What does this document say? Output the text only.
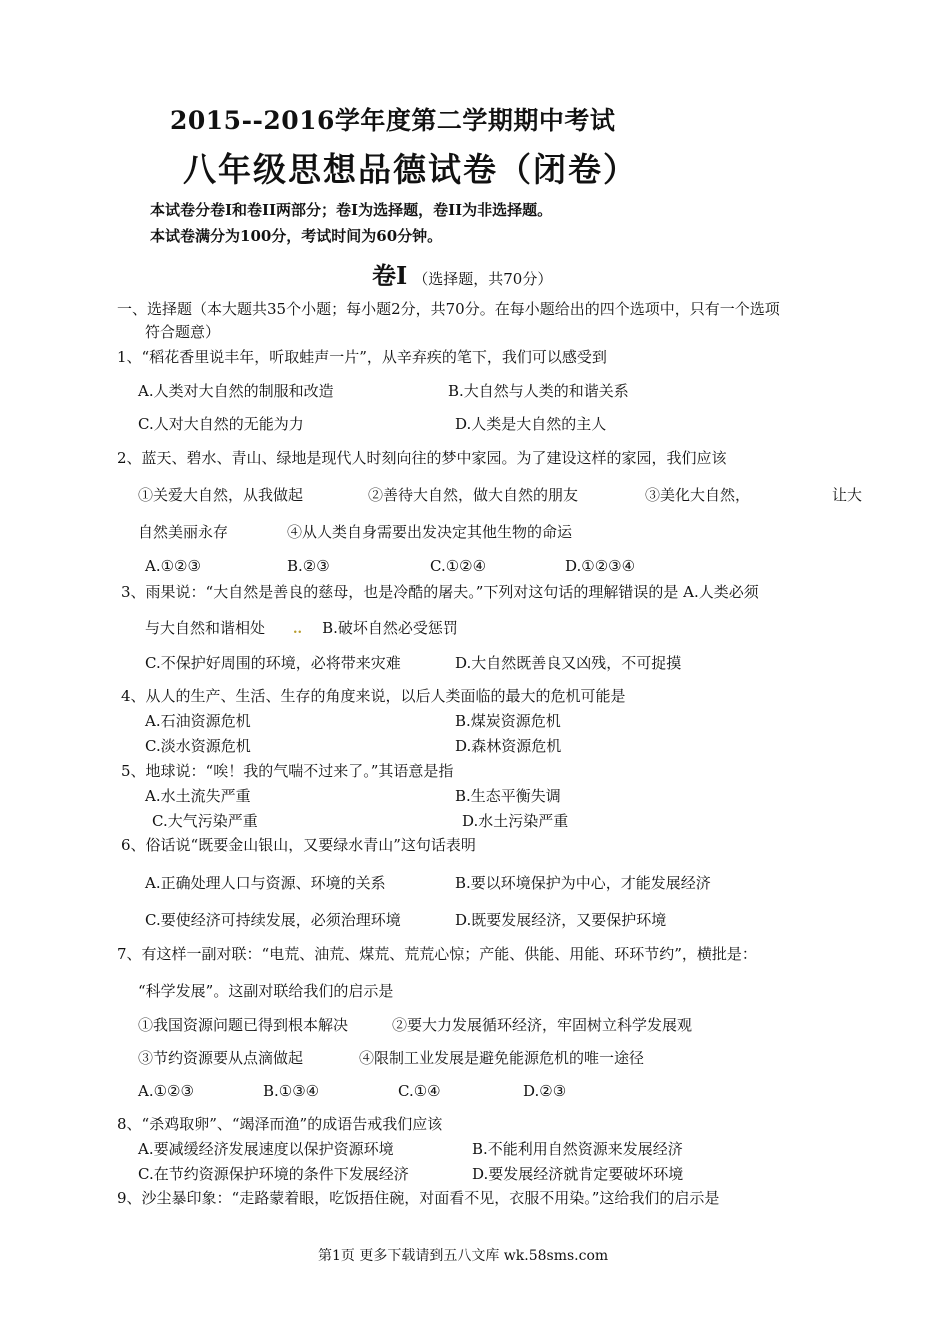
2015--2016学年度第二学期期中考试
八年级思想品德试卷（闭卷）
本试卷分卷I和卷II两部分；卷I为选择题，卷II为非选择题。
本试卷满分为100分，考试时间为60分钟。
卷Ⅰ （选择题，共70分）
一、选择题（本大题共35个小题；每小题2分，共70分。在每小题给出的四个选项中，只有一个选项
符合题意）
1、“稻花香里说丰年，听取蛙声一片”，从辛弃疾的笔下，我们可以感受到
A.人类对大自然的制服和改造	B.大自然与人类的和谐关系
C.人对大自然的无能为力	D.人类是大自然的主人
2、蓝天、碧水、青山、绿地是现代人时刻向往的梦中家园。为了建设这样的家园，我们应该
①关爱大自然，从我做起	②善待大自然，做大自然的朋友	③美化大自然，	让大
自然美丽永存	④从人类自身需要出发决定其他生物的命运
A.①②③	B.②③	C.①②④	D.①②③④
3、雨果说：“大自然是善良的慈母，也是冷酷的屠夫。”下列对这句话的理解错误的是 A.人类必须
与大自然和谐相处 .. B.破坏自然必受惩罚
C.不保护好周围的环境，必将带来灾难	D.大自然既善良又凶残，不可捉摸
4、从人的生产、生活、生存的角度来说，以后人类面临的最大的危机可能是
A.石油资源危机	B.煤炭资源危机
C.淡水资源危机	D.森林资源危机
5、地球说：“唉！我的气喘不过来了。”其语意是指
A.水土流失严重	B.生态平衡失调
C.大气污染严重	D.水土污染严重
6、俗话说“既要金山银山，又要绿水青山”这句话表明
A.正确处理人口与资源、环境的关系	B.要以环境保护为中心，才能发展经济
C.要使经济可持续发展，必须治理环境	D.既要发展经济，又要保护环境
7、有这样一副对联：“电荒、油荒、煤荒、荒荒心惊；产能、供能、用能、环环节约”，横批是：
“科学发展”。这副对联给我们的启示是
①我国资源问题已得到根本解决	②要大力发展循环经济，牢固树立科学发展观
③节约资源要从点滴做起	④限制工业发展是避免能源危机的唯一途径
A.①②③	B.①③④	C.①④	D.②③
8、“杀鸡取卵”、“竭泽而渔”的成语告戒我们应该
A.要减缓经济发展速度以保护资源环境	B.不能利用自然资源来发展经济
C.在节约资源保护环境的条件下发展经济	D.要发展经济就肯定要破坏环境
9、沙尘暴印象：“走路蒙着眼，吃饭捂住碗，对面看不见，衣服不用染。”这给我们的启示是
第1页 更多下载请到五八文库 wk.58sms.com
